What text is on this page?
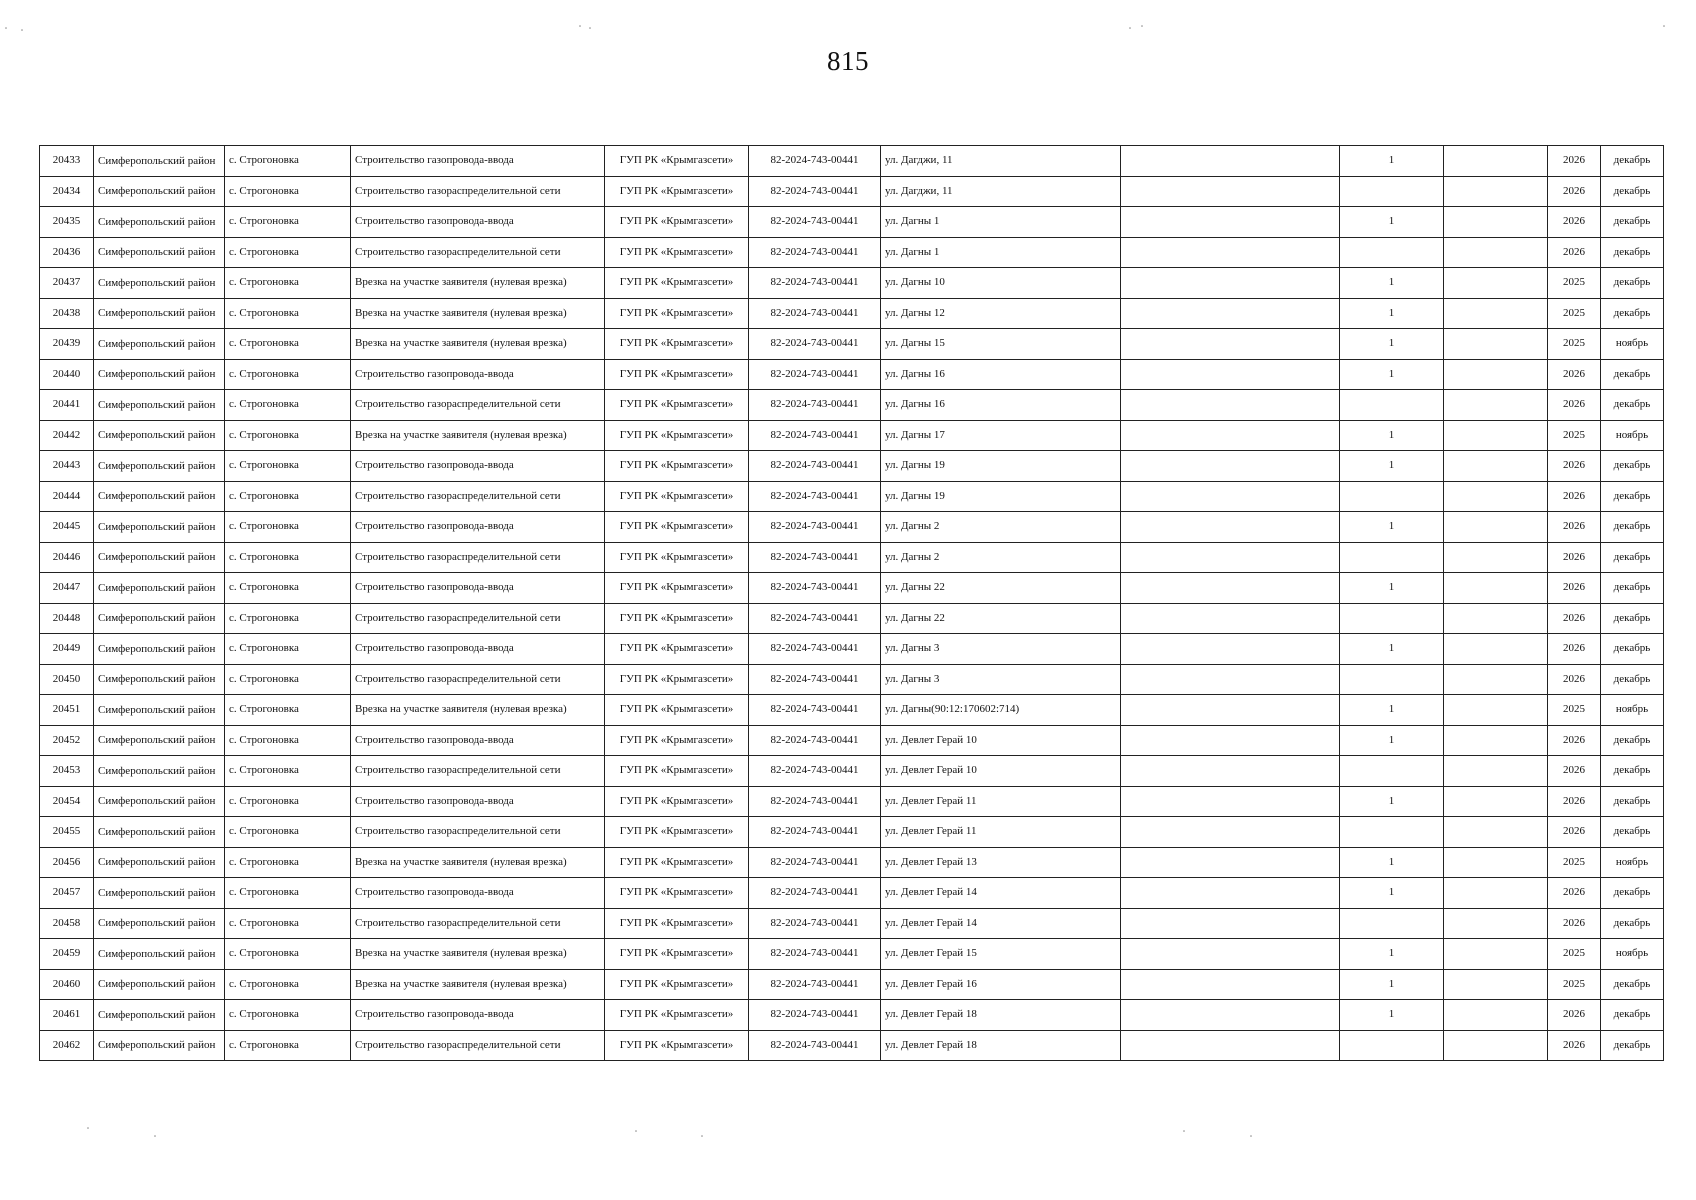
815
20433	Симферопольский район	с. Строгоновка	Строительство газопровода-ввода	ГУП РК «Крымгазсети»	82-2024-743-00441	ул. Дагджи, 11		1		2026	декабрь
20434	Симферопольский район	с. Строгоновка	Строительство газораспределительной сети	ГУП РК «Крымгазсети»	82-2024-743-00441	ул. Дагджи, 11				2026	декабрь
20435	Симферопольский район	с. Строгоновка	Строительство газопровода-ввода	ГУП РК «Крымгазсети»	82-2024-743-00441	ул. Дагны 1		1		2026	декабрь
20436	Симферопольский район	с. Строгоновка	Строительство газораспределительной сети	ГУП РК «Крымгазсети»	82-2024-743-00441	ул. Дагны 1				2026	декабрь
20437	Симферопольский район	с. Строгоновка	Врезка на участке заявителя (нулевая врезка)	ГУП РК «Крымгазсети»	82-2024-743-00441	ул. Дагны 10		1		2025	декабрь
20438	Симферопольский район	с. Строгоновка	Врезка на участке заявителя (нулевая врезка)	ГУП РК «Крымгазсети»	82-2024-743-00441	ул. Дагны 12		1		2025	декабрь
20439	Симферопольский район	с. Строгоновка	Врезка на участке заявителя (нулевая врезка)	ГУП РК «Крымгазсети»	82-2024-743-00441	ул. Дагны 15		1		2025	ноябрь
20440	Симферопольский район	с. Строгоновка	Строительство газопровода-ввода	ГУП РК «Крымгазсети»	82-2024-743-00441	ул. Дагны 16		1		2026	декабрь
20441	Симферопольский район	с. Строгоновка	Строительство газораспределительной сети	ГУП РК «Крымгазсети»	82-2024-743-00441	ул. Дагны 16				2026	декабрь
20442	Симферопольский район	с. Строгоновка	Врезка на участке заявителя (нулевая врезка)	ГУП РК «Крымгазсети»	82-2024-743-00441	ул. Дагны 17		1		2025	ноябрь
20443	Симферопольский район	с. Строгоновка	Строительство газопровода-ввода	ГУП РК «Крымгазсети»	82-2024-743-00441	ул. Дагны 19		1		2026	декабрь
20444	Симферопольский район	с. Строгоновка	Строительство газораспределительной сети	ГУП РК «Крымгазсети»	82-2024-743-00441	ул. Дагны 19				2026	декабрь
20445	Симферопольский район	с. Строгоновка	Строительство газопровода-ввода	ГУП РК «Крымгазсети»	82-2024-743-00441	ул. Дагны 2		1		2026	декабрь
20446	Симферопольский район	с. Строгоновка	Строительство газораспределительной сети	ГУП РК «Крымгазсети»	82-2024-743-00441	ул. Дагны 2				2026	декабрь
20447	Симферопольский район	с. Строгоновка	Строительство газопровода-ввода	ГУП РК «Крымгазсети»	82-2024-743-00441	ул. Дагны 22		1		2026	декабрь
20448	Симферопольский район	с. Строгоновка	Строительство газораспределительной сети	ГУП РК «Крымгазсети»	82-2024-743-00441	ул. Дагны 22				2026	декабрь
20449	Симферопольский район	с. Строгоновка	Строительство газопровода-ввода	ГУП РК «Крымгазсети»	82-2024-743-00441	ул. Дагны 3		1		2026	декабрь
20450	Симферопольский район	с. Строгоновка	Строительство газораспределительной сети	ГУП РК «Крымгазсети»	82-2024-743-00441	ул. Дагны 3				2026	декабрь
20451	Симферопольский район	с. Строгоновка	Врезка на участке заявителя (нулевая врезка)	ГУП РК «Крымгазсети»	82-2024-743-00441	ул. Дагны(90:12:170602:714)		1		2025	ноябрь
20452	Симферопольский район	с. Строгоновка	Строительство газопровода-ввода	ГУП РК «Крымгазсети»	82-2024-743-00441	ул. Девлет Герай 10		1		2026	декабрь
20453	Симферопольский район	с. Строгоновка	Строительство газораспределительной сети	ГУП РК «Крымгазсети»	82-2024-743-00441	ул. Девлет Герай 10				2026	декабрь
20454	Симферопольский район	с. Строгоновка	Строительство газопровода-ввода	ГУП РК «Крымгазсети»	82-2024-743-00441	ул. Девлет Герай 11		1		2026	декабрь
20455	Симферопольский район	с. Строгоновка	Строительство газораспределительной сети	ГУП РК «Крымгазсети»	82-2024-743-00441	ул. Девлет Герай 11				2026	декабрь
20456	Симферопольский район	с. Строгоновка	Врезка на участке заявителя (нулевая врезка)	ГУП РК «Крымгазсети»	82-2024-743-00441	ул. Девлет Герай 13		1		2025	ноябрь
20457	Симферопольский район	с. Строгоновка	Строительство газопровода-ввода	ГУП РК «Крымгазсети»	82-2024-743-00441	ул. Девлет Герай 14		1		2026	декабрь
20458	Симферопольский район	с. Строгоновка	Строительство газораспределительной сети	ГУП РК «Крымгазсети»	82-2024-743-00441	ул. Девлет Герай 14				2026	декабрь
20459	Симферопольский район	с. Строгоновка	Врезка на участке заявителя (нулевая врезка)	ГУП РК «Крымгазсети»	82-2024-743-00441	ул. Девлет Герай 15		1		2025	ноябрь
20460	Симферопольский район	с. Строгоновка	Врезка на участке заявителя (нулевая врезка)	ГУП РК «Крымгазсети»	82-2024-743-00441	ул. Девлет Герай 16		1		2025	декабрь
20461	Симферопольский район	с. Строгоновка	Строительство газопровода-ввода	ГУП РК «Крымгазсети»	82-2024-743-00441	ул. Девлет Герай 18		1		2026	декабрь
20462	Симферопольский район	с. Строгоновка	Строительство газораспределительной сети	ГУП РК «Крымгазсети»	82-2024-743-00441	ул. Девлет Герай 18				2026	декабрь
